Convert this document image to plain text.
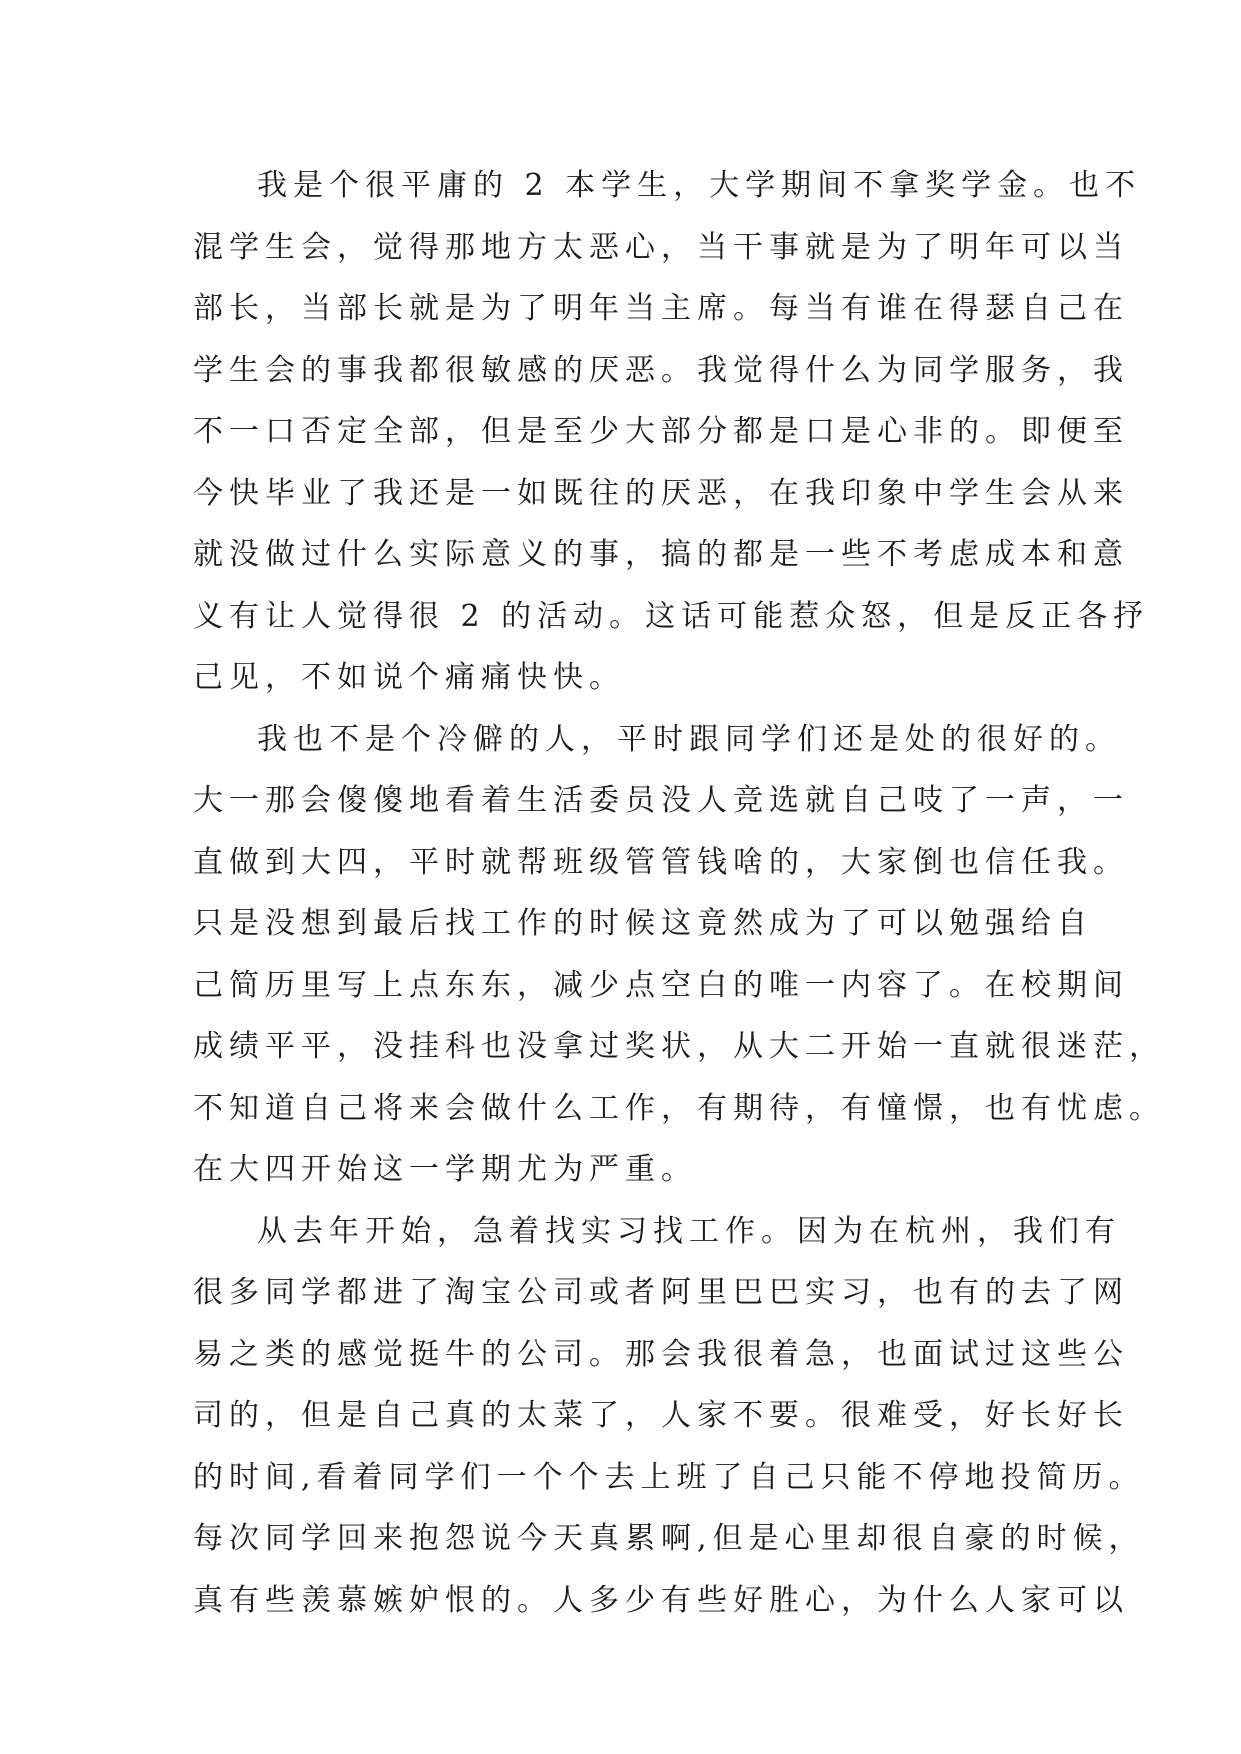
我是个很平庸的 2 本学生，大学期间不拿奖学金。也不
混学生会，觉得那地方太恶心，当干事就是为了明年可以当
部长，当部长就是为了明年当主席。每当有谁在得瑟自己在
学生会的事我都很敏感的厌恶。我觉得什么为同学服务，我
不一口否定全部，但是至少大部分都是口是心非的。即便至
今快毕业了我还是一如既往的厌恶，在我印象中学生会从来
就没做过什么实际意义的事，搞的都是一些不考虑成本和意
义有让人觉得很 2 的活动。这话可能惹众怒，但是反正各抒
己见，不如说个痛痛快快。
我也不是个冷僻的人，平时跟同学们还是处的很好的。
大一那会傻傻地看着生活委员没人竞选就自己吱了一声，一
直做到大四，平时就帮班级管管钱啥的，大家倒也信任我。
只是没想到最后找工作的时候这竟然成为了可以勉强给自
己简历里写上点东东，减少点空白的唯一内容了。在校期间
成绩平平，没挂科也没拿过奖状，从大二开始一直就很迷茫，
不知道自己将来会做什么工作，有期待，有憧憬，也有忧虑。
在大四开始这一学期尤为严重。
从去年开始，急着找实习找工作。因为在杭州，我们有
很多同学都进了淘宝公司或者阿里巴巴实习，也有的去了网
易之类的感觉挺牛的公司。那会我很着急，也面试过这些公
司的，但是自己真的太菜了，人家不要。很难受，好长好长
的时间,看着同学们一个个去上班了自己只能不停地投简历。
每次同学回来抱怨说今天真累啊,但是心里却很自豪的时候，
真有些羡慕嫉妒恨的。人多少有些好胜心，为什么人家可以
